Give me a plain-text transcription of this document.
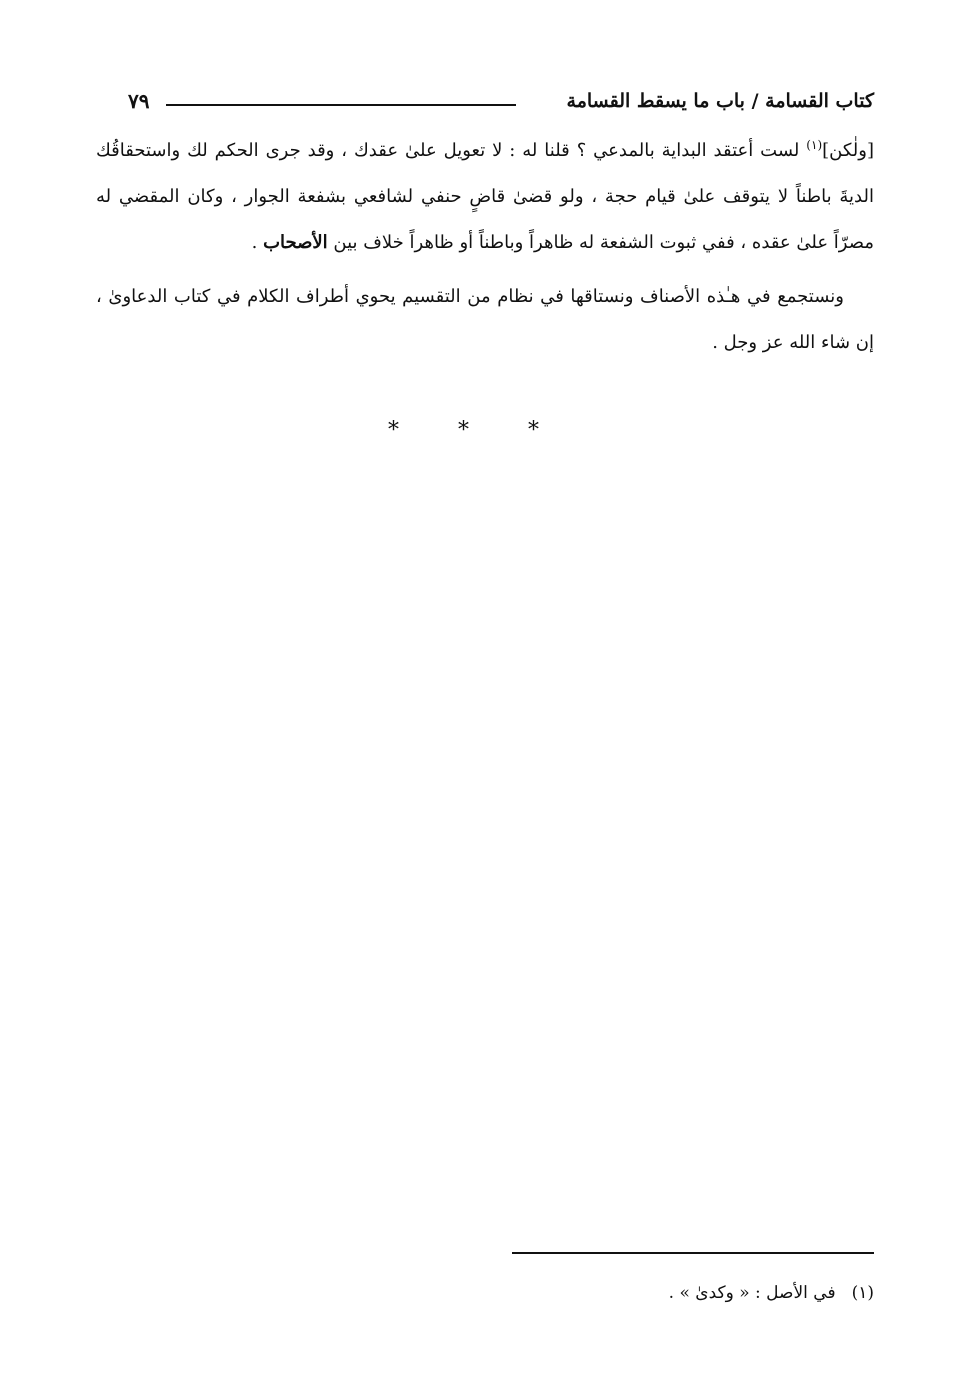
كتاب القسامة / باب ما يسقط القسامة
٧٩

[ولٰكن]$^{(١)}$ لست أعتقد البداية بالمدعي ؟ قلنا له : لا تعويل علىٰ عقدك ، وقد جرى الحكم لك واستحقاقُك الديةَ باطناً لا يتوقف علىٰ قيام حجة ، ولو قضىٰ قاضٍ حنفي لشافعي بشفعة الجوار ، وكان المقضي له مصرّاً علىٰ عقده ، ففي ثبوت الشفعة له ظاهراً وباطناً أو ظاهراً خلاف بين الأصحاب .

ونستجمع في هـٰذه الأصناف ونستاقها في نظام من التقسيم يحوي أطراف الكلام في كتاب الدعاوىٰ ، إن شاء الله عز وجل .

* * *
(١)في الأصل : « وكدىٰ » .
